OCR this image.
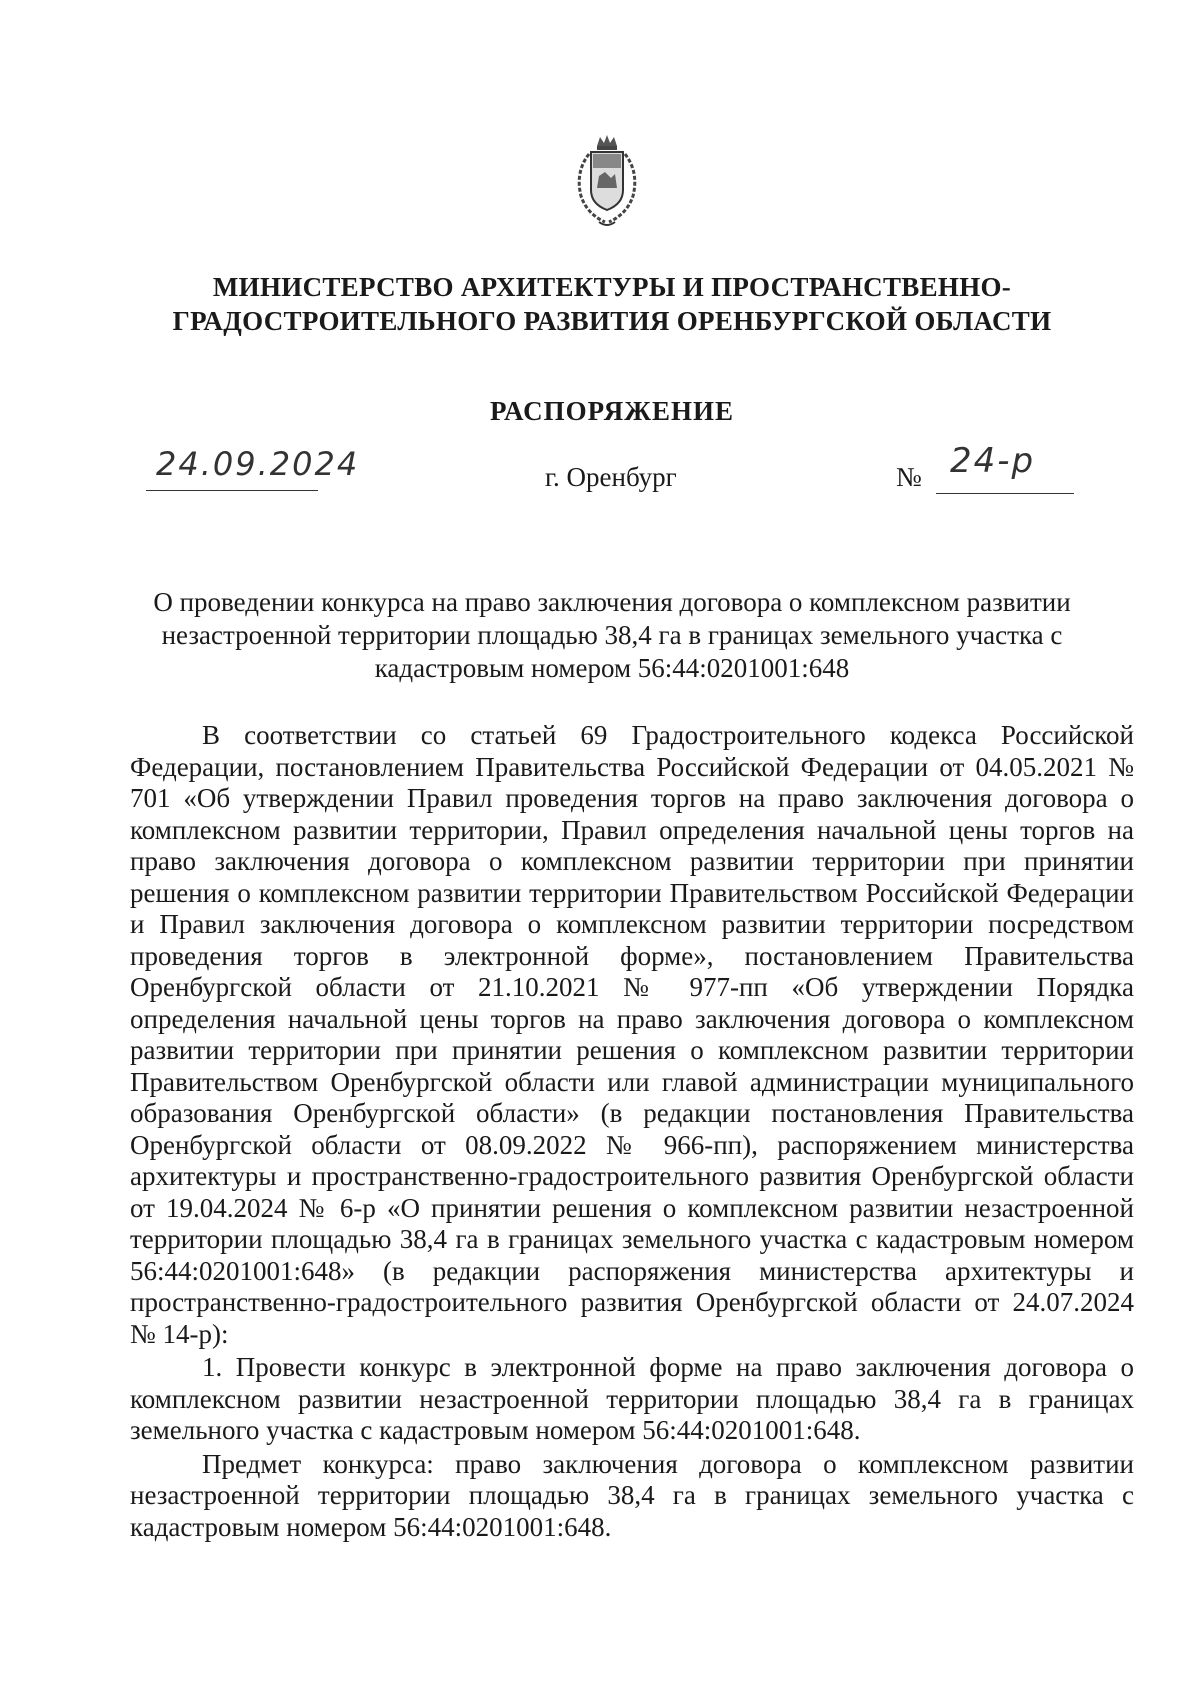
МИНИСТЕРСТВО АРХИТЕКТУРЫ И ПРОСТРАНСТВЕННО-
ГРАДОСТРОИТЕЛЬНОГО РАЗВИТИЯ ОРЕНБУРГСКОЙ ОБЛАСТИ
РАСПОРЯЖЕНИЕ
24.09.2024	г. Оренбург	№ 24-р
О проведении конкурса на право заключения договора о комплексном развитии незастроенной территории площадью 38,4 га в границах земельного участка с кадастровым номером 56:44:0201001:648

В соответствии со статьей 69 Градостроительного кодекса Российской Федерации, постановлением Правительства Российской Федерации от 04.05.2021 № 701 «Об утверждении Правил проведения торгов на право заключения договора о комплексном развитии территории, Правил определения начальной цены торгов на право заключения договора о комплексном развитии территории при принятии решения о комплексном развитии территории Правительством Российской Федерации и Правил заключения договора о комплексном развитии территории посредством проведения торгов в электронной форме», постановлением Правительства Оренбургской области от 21.10.2021 № 977-пп «Об утверждении Порядка определения начальной цены торгов на право заключения договора о комплексном развитии территории при принятии решения о комплексном развитии территории Правительством Оренбургской области или главой администрации муниципального образования Оренбургской области» (в редакции постановления Правительства Оренбургской области от 08.09.2022 № 966-пп), распоряжением министерства архитектуры и пространственно-градостроительного развития Оренбургской области от 19.04.2024 № 6-р «О принятии решения о комплексном развитии незастроенной территории площадью 38,4 га в границах земельного участка с кадастровым номером 56:44:0201001:648» (в редакции распоряжения министерства архитектуры и пространственно-градостроительного развития Оренбургской области от 24.07.2024 № 14-р):

1. Провести конкурс в электронной форме на право заключения договора о комплексном развитии незастроенной территории площадью 38,4 га в границах земельного участка с кадастровым номером 56:44:0201001:648.

Предмет конкурса: право заключения договора о комплексном развитии незастроенной территории площадью 38,4 га в границах земельного участка с кадастровым номером 56:44:0201001:648.
